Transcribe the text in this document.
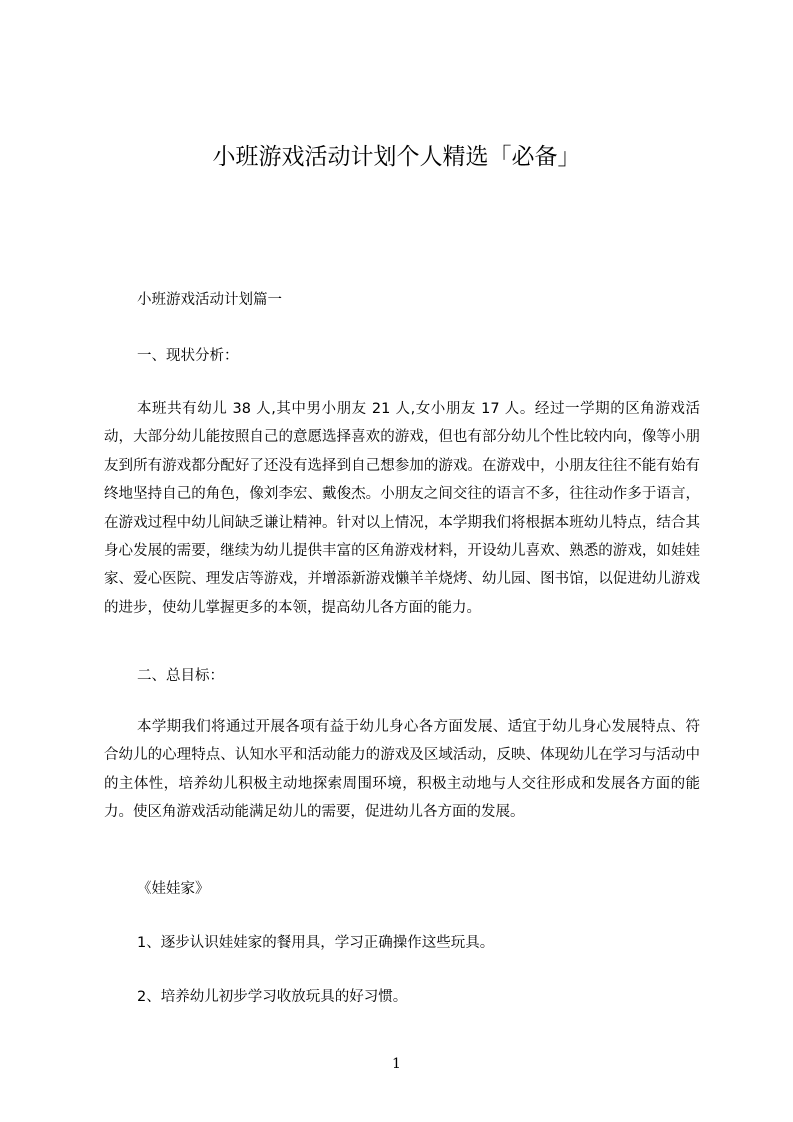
小班游戏活动计划个人精选「必备」
小班游戏活动计划篇一
一、现状分析：

本班共有幼儿 38 人,其中男小朋友 21 人,女小朋友 17 人。经过一学期的区角游戏活动，大部分幼儿能按照自己的意愿选择喜欢的游戏，但也有部分幼儿个性比较内向，像等小朋友到所有游戏都分配好了还没有选择到自己想参加的游戏。在游戏中，小朋友往往不能有始有终地坚持自己的角色，像刘李宏、戴俊杰。小朋友之间交往的语言不多，往往动作多于语言，在游戏过程中幼儿间缺乏谦让精神。针对以上情况，本学期我们将根据本班幼儿特点，结合其身心发展的需要，继续为幼儿提供丰富的区角游戏材料，开设幼儿喜欢、熟悉的游戏，如娃娃家、爱心医院、理发店等游戏，并增添新游戏懒羊羊烧烤、幼儿园、图书馆，以促进幼儿游戏的进步，使幼儿掌握更多的本领，提高幼儿各方面的能力。

二、总目标：

本学期我们将通过开展各项有益于幼儿身心各方面发展、适宜于幼儿身心发展特点、符合幼儿的心理特点、认知水平和活动能力的游戏及区域活动，反映、体现幼儿在学习与活动中的主体性，培养幼儿积极主动地探索周围环境，积极主动地与人交往形成和发展各方面的能力。使区角游戏活动能满足幼儿的需要，促进幼儿各方面的发展。

《娃娃家》
1、逐步认识娃娃家的餐用具，学习正确操作这些玩具。
2、培养幼儿初步学习收放玩具的好习惯。
1
